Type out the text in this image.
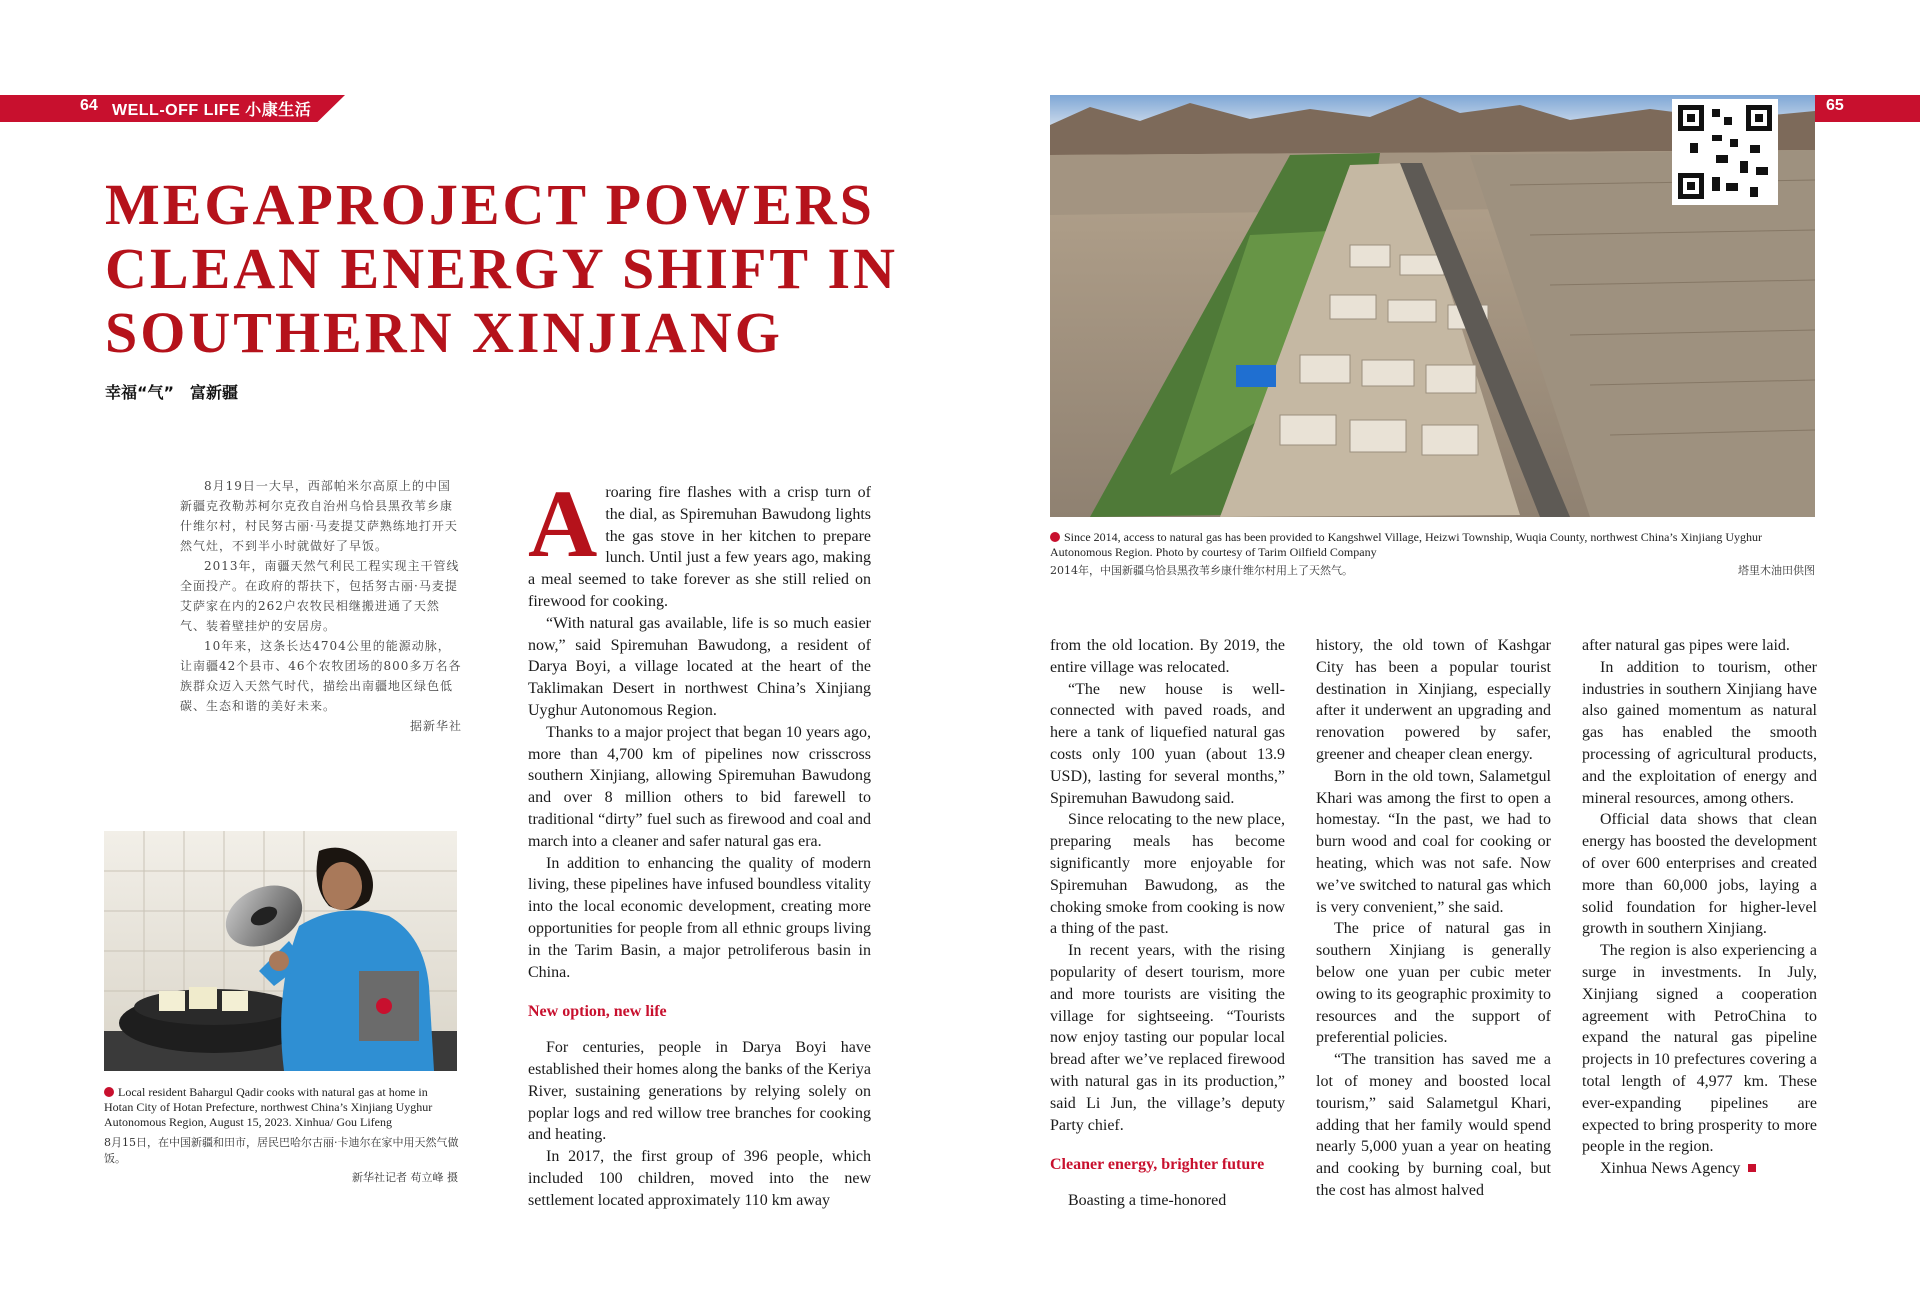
64 WELL-OFF LIFE 小康生活	65
MEGAPROJECT POWERS
CLEAN ENERGY SHIFT IN
SOUTHERN XINJIANG
幸福“气”　富新疆

8月19日一大早，西部帕米尔高原上的中国新疆克孜勒苏柯尔克孜自治州乌恰县黑孜苇乡康什维尔村，村民努古丽·马麦提艾萨熟练地打开天然气灶，不到半小时就做好了早饭。

2013年，南疆天然气利民工程实现主干管线全面投产。在政府的帮扶下，包括努古丽·马麦提艾萨家在内的262户农牧民相继搬进通了天然气、装着壁挂炉的安居房。

10年来，这条长达4704公里的能源动脉，让南疆42个县市、46个农牧团场的800多万名各族群众迈入天然气时代，描绘出南疆地区绿色低碳、生态和谐的美好未来。

据新华社

Local resident Bahargul Qadir cooks with natural gas at home in Hotan City of Hotan Prefecture, northwest China’s Xinjiang Uyghur Autonomous Region, August 15, 2023. Xinhua/ Gou Lifeng
8月15日，在中国新疆和田市，居民巴哈尔古丽·卡迪尔在家中用天然气做饭。
新华社记者 苟立峰 摄
Since 2014, access to natural gas has been provided to Kangshwel Village, Heizwi Township, Wuqia County, northwest China’s Xinjiang Uyghur Autonomous Region. Photo by courtesy of Tarim Oilfield Company
2014年，中国新疆乌恰县黑孜苇乡康什维尔村用上了天然气。	塔里木油田供图
A roaring fire flashes with a crisp turn of the dial, as Spiremuhan Bawudong lights the gas stove in her kitchen to prepare lunch. Until just a few years ago, making a meal seemed to take forever as she still relied on firewood for cooking.

“With natural gas available, life is so much easier now,” said Spiremuhan Bawudong, a resident of Darya Boyi, a village located at the heart of the Taklimakan Desert in northwest China’s Xinjiang Uyghur Autonomous Region.

Thanks to a major project that began 10 years ago, more than 4,700 km of pipelines now crisscross southern Xinjiang, allowing Spiremuhan Bawudong and over 8 million others to bid farewell to traditional “dirty” fuel such as firewood and coal and march into a cleaner and safer natural gas era.

In addition to enhancing the quality of modern living, these pipelines have infused boundless vitality into the local economic development, creating more opportunities for people from all ethnic groups living in the Tarim Basin, a major petroliferous basin in China.

New option, new life

For centuries, people in Darya Boyi have established their homes along the banks of the Keriya River, sustaining generations by relying solely on poplar logs and red willow tree branches for cooking and heating.

In 2017, the first group of 396 people, which included 100 children, moved into the new settlement located approximately 110 km away

from the old location. By 2019, the entire village was relocated.

“The new house is well-connected with paved roads, and here a tank of liquefied natural gas costs only 100 yuan (about 13.9 USD), lasting for several months,” Spiremuhan Bawudong said.

Since relocating to the new place, preparing meals has become significantly more enjoyable for Spiremuhan Bawudong, as the choking smoke from cooking is now a thing of the past.

In recent years, with the rising popularity of desert tourism, more and more tourists are visiting the village for sightseeing. “Tourists now enjoy tasting our popular local bread after we’ve replaced firewood with natural gas in its production,” said Li Jun, the village’s deputy Party chief.

Cleaner energy, brighter future

Boasting a time-honored

history, the old town of Kashgar City has been a popular tourist destination in Xinjiang, especially after it underwent an upgrading and renovation powered by safer, greener and cheaper clean energy.

Born in the old town, Salametgul Khari was among the first to open a homestay. “In the past, we had to burn wood and coal for cooking or heating, which was not safe. Now we’ve switched to natural gas which is very convenient,” she said.

The price of natural gas in southern Xinjiang is generally below one yuan per cubic meter owing to its geographic proximity to resources and the support of preferential policies.

“The transition has saved me a lot of money and boosted local tourism,” said Salametgul Khari, adding that her family would spend nearly 5,000 yuan a year on heating and cooking by burning coal, but the cost has almost halved

after natural gas pipes were laid.

In addition to tourism, other industries in southern Xinjiang have also gained momentum as natural gas has enabled the smooth processing of agricultural products, and the exploitation of energy and mineral resources, among others.

Official data shows that clean energy has boosted the development of over 600 enterprises and created more than 60,000 jobs, laying a solid foundation for higher-level growth in southern Xinjiang.

The region is also experiencing a surge in investments. In July, Xinjiang signed a cooperation agreement with PetroChina to expand the natural gas pipeline projects in 10 prefectures covering a total length of 4,977 km. These ever-expanding pipelines are expected to bring prosperity to more people in the region.

Xinhua News Agency
